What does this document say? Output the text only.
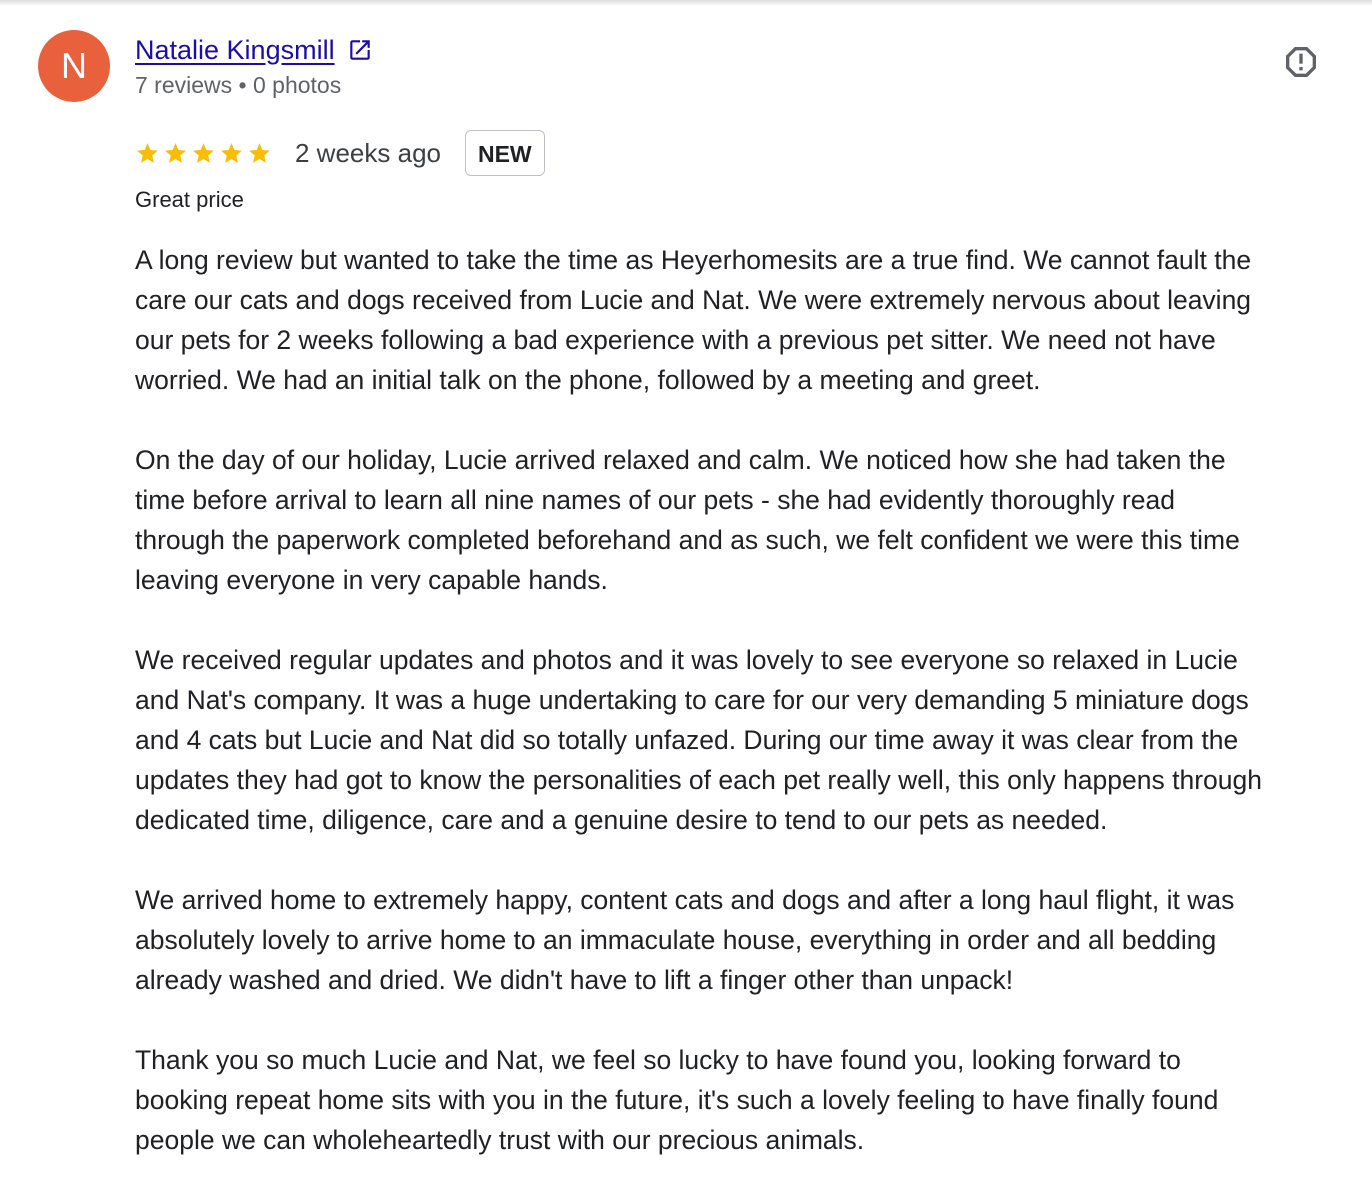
N	Natalie Kingsmill
7 reviews • 0 photos
2 weeks ago	NEW
Great price
A long review but wanted to take the time as Heyerhomesits are a true find. We cannot fault the
care our cats and dogs received from Lucie and Nat. We were extremely nervous about leaving
our pets for 2 weeks following a bad experience with a previous pet sitter. We need not have
worried. We had an initial talk on the phone, followed by a meeting and greet.
On the day of our holiday, Lucie arrived relaxed and calm. We noticed how she had taken the
time before arrival to learn all nine names of our pets - she had evidently thoroughly read
through the paperwork completed beforehand and as such, we felt confident we were this time
leaving everyone in very capable hands.
We received regular updates and photos and it was lovely to see everyone so relaxed in Lucie
and Nat's company. It was a huge undertaking to care for our very demanding 5 miniature dogs
and 4 cats but Lucie and Nat did so totally unfazed. During our time away it was clear from the
updates they had got to know the personalities of each pet really well, this only happens through
dedicated time, diligence, care and a genuine desire to tend to our pets as needed.
We arrived home to extremely happy, content cats and dogs and after a long haul flight, it was
absolutely lovely to arrive home to an immaculate house, everything in order and all bedding
already washed and dried. We didn't have to lift a finger other than unpack!
Thank you so much Lucie and Nat, we feel so lucky to have found you, looking forward to
booking repeat home sits with you in the future, it's such a lovely feeling to have finally found
people we can wholeheartedly trust with our precious animals.
